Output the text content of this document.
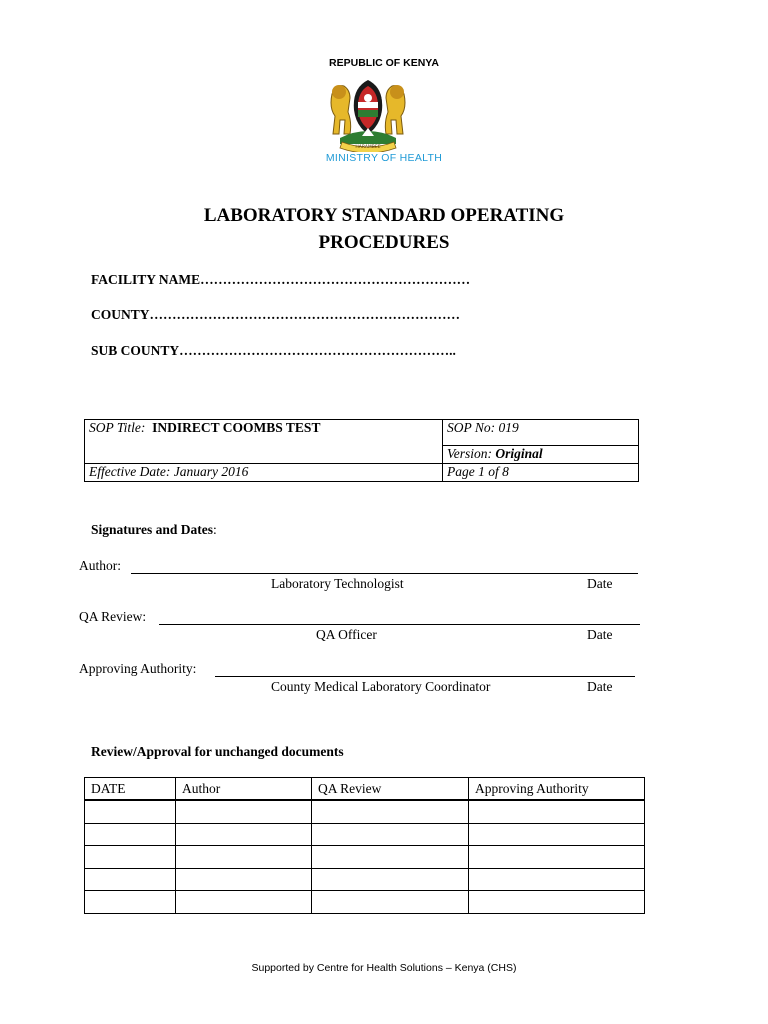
REPUBLIC OF KENYA
HARAMBEE
MINISTRY OF HEALTH
LABORATORY STANDARD OPERATING
PROCEDURES
FACILITY NAME……………………………………………………
COUNTY……………………………………………………………
SUB COUNTY……………………………………………………..
SOP Title: INDIRECT COOMBS TEST	SOP No: 019
	Version: Original
Effective Date: January 2016	Page 1 of 8
Signatures and Dates:
Author:
Laboratory Technologist	Date
QA Review:
QA Officer	Date
Approving Authority:
County Medical Laboratory Coordinator	Date
Review/Approval for unchanged documents
DATE	Author	QA Review	Approving Authority

Supported by Centre for Health Solutions – Kenya (CHS)
